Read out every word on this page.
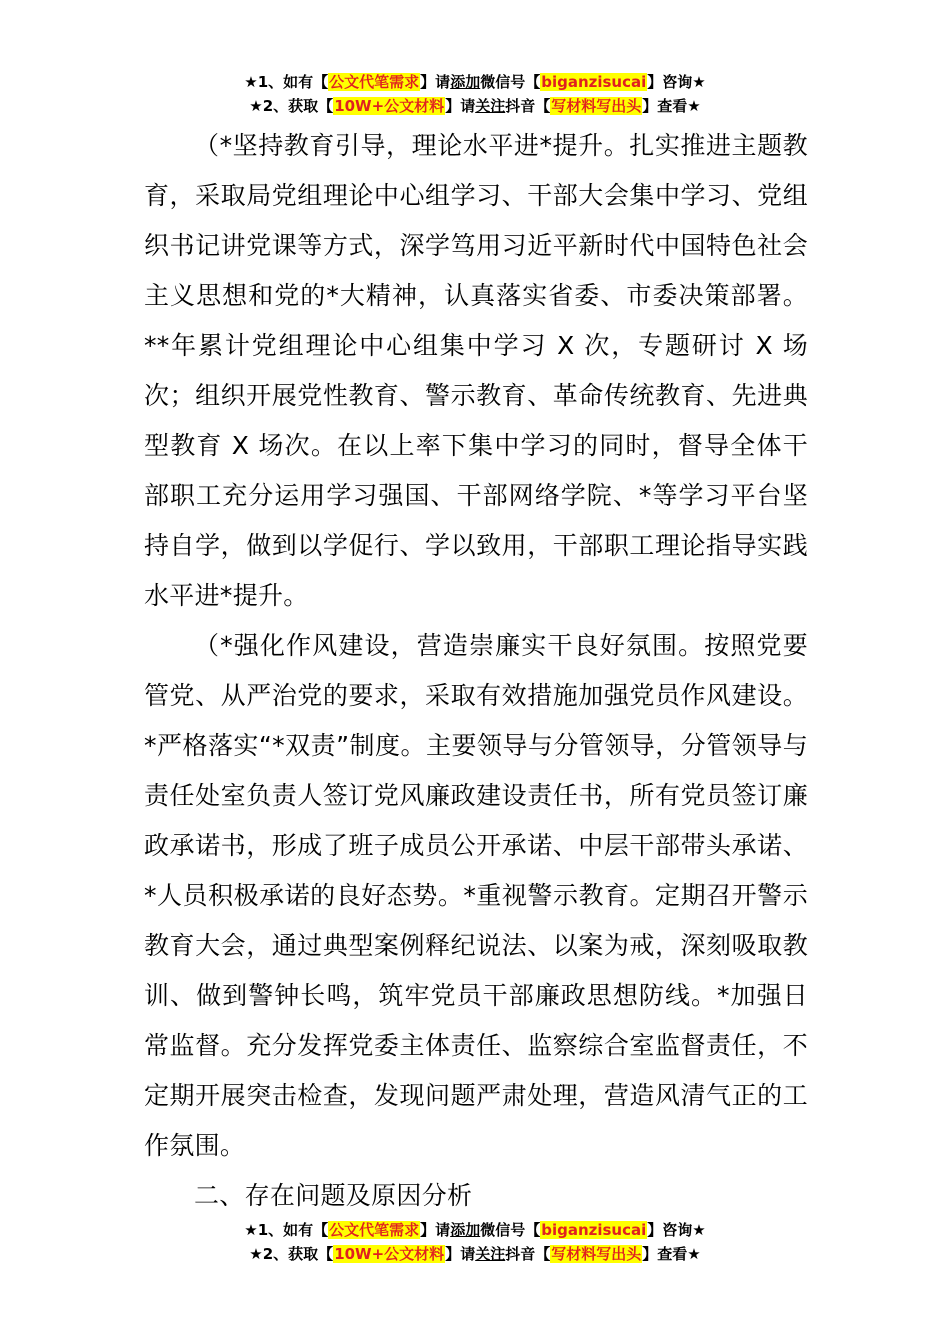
★1、如有【公文代笔需求】请添加微信号【biganzisucai】咨询★
★2、获取【10W+公文材料】请关注抖音【写材料写出头】查看★

（*坚持教育引导，理论水平进*提升。扎实推进主题教育，采取局党组理论中心组学习、干部大会集中学习、党组织书记讲党课等方式，深学笃用习近平新时代中国特色社会主义思想和党的*大精神，认真落实省委、市委决策部署。**年累计党组理论中心组集中学习 X 次，专题研讨 X 场次；组织开展党性教育、警示教育、革命传统教育、先进典型教育 X 场次。在以上率下集中学习的同时，督导全体干部职工充分运用学习强国、干部网络学院、*等学习平台坚持自学，做到以学促行、学以致用，干部职工理论指导实践水平进*提升。

（*强化作风建设，营造崇廉实干良好氛围。按照党要管党、从严治党的要求，采取有效措施加强党员作风建设。*严格落实“*双责”制度。主要领导与分管领导，分管领导与责任处室负责人签订党风廉政建设责任书，所有党员签订廉政承诺书，形成了班子成员公开承诺、中层干部带头承诺、*人员积极承诺的良好态势。*重视警示教育。定期召开警示教育大会，通过典型案例释纪说法、以案为戒，深刻吸取教训、做到警钟长鸣，筑牢党员干部廉政思想防线。*加强日常监督。充分发挥党委主体责任、监察综合室监督责任，不定期开展突击检查，发现问题严肃处理，营造风清气正的工作氛围。

二、存在问题及原因分析

★1、如有【公文代笔需求】请添加微信号【biganzisucai】咨询★
★2、获取【10W+公文材料】请关注抖音【写材料写出头】查看★
